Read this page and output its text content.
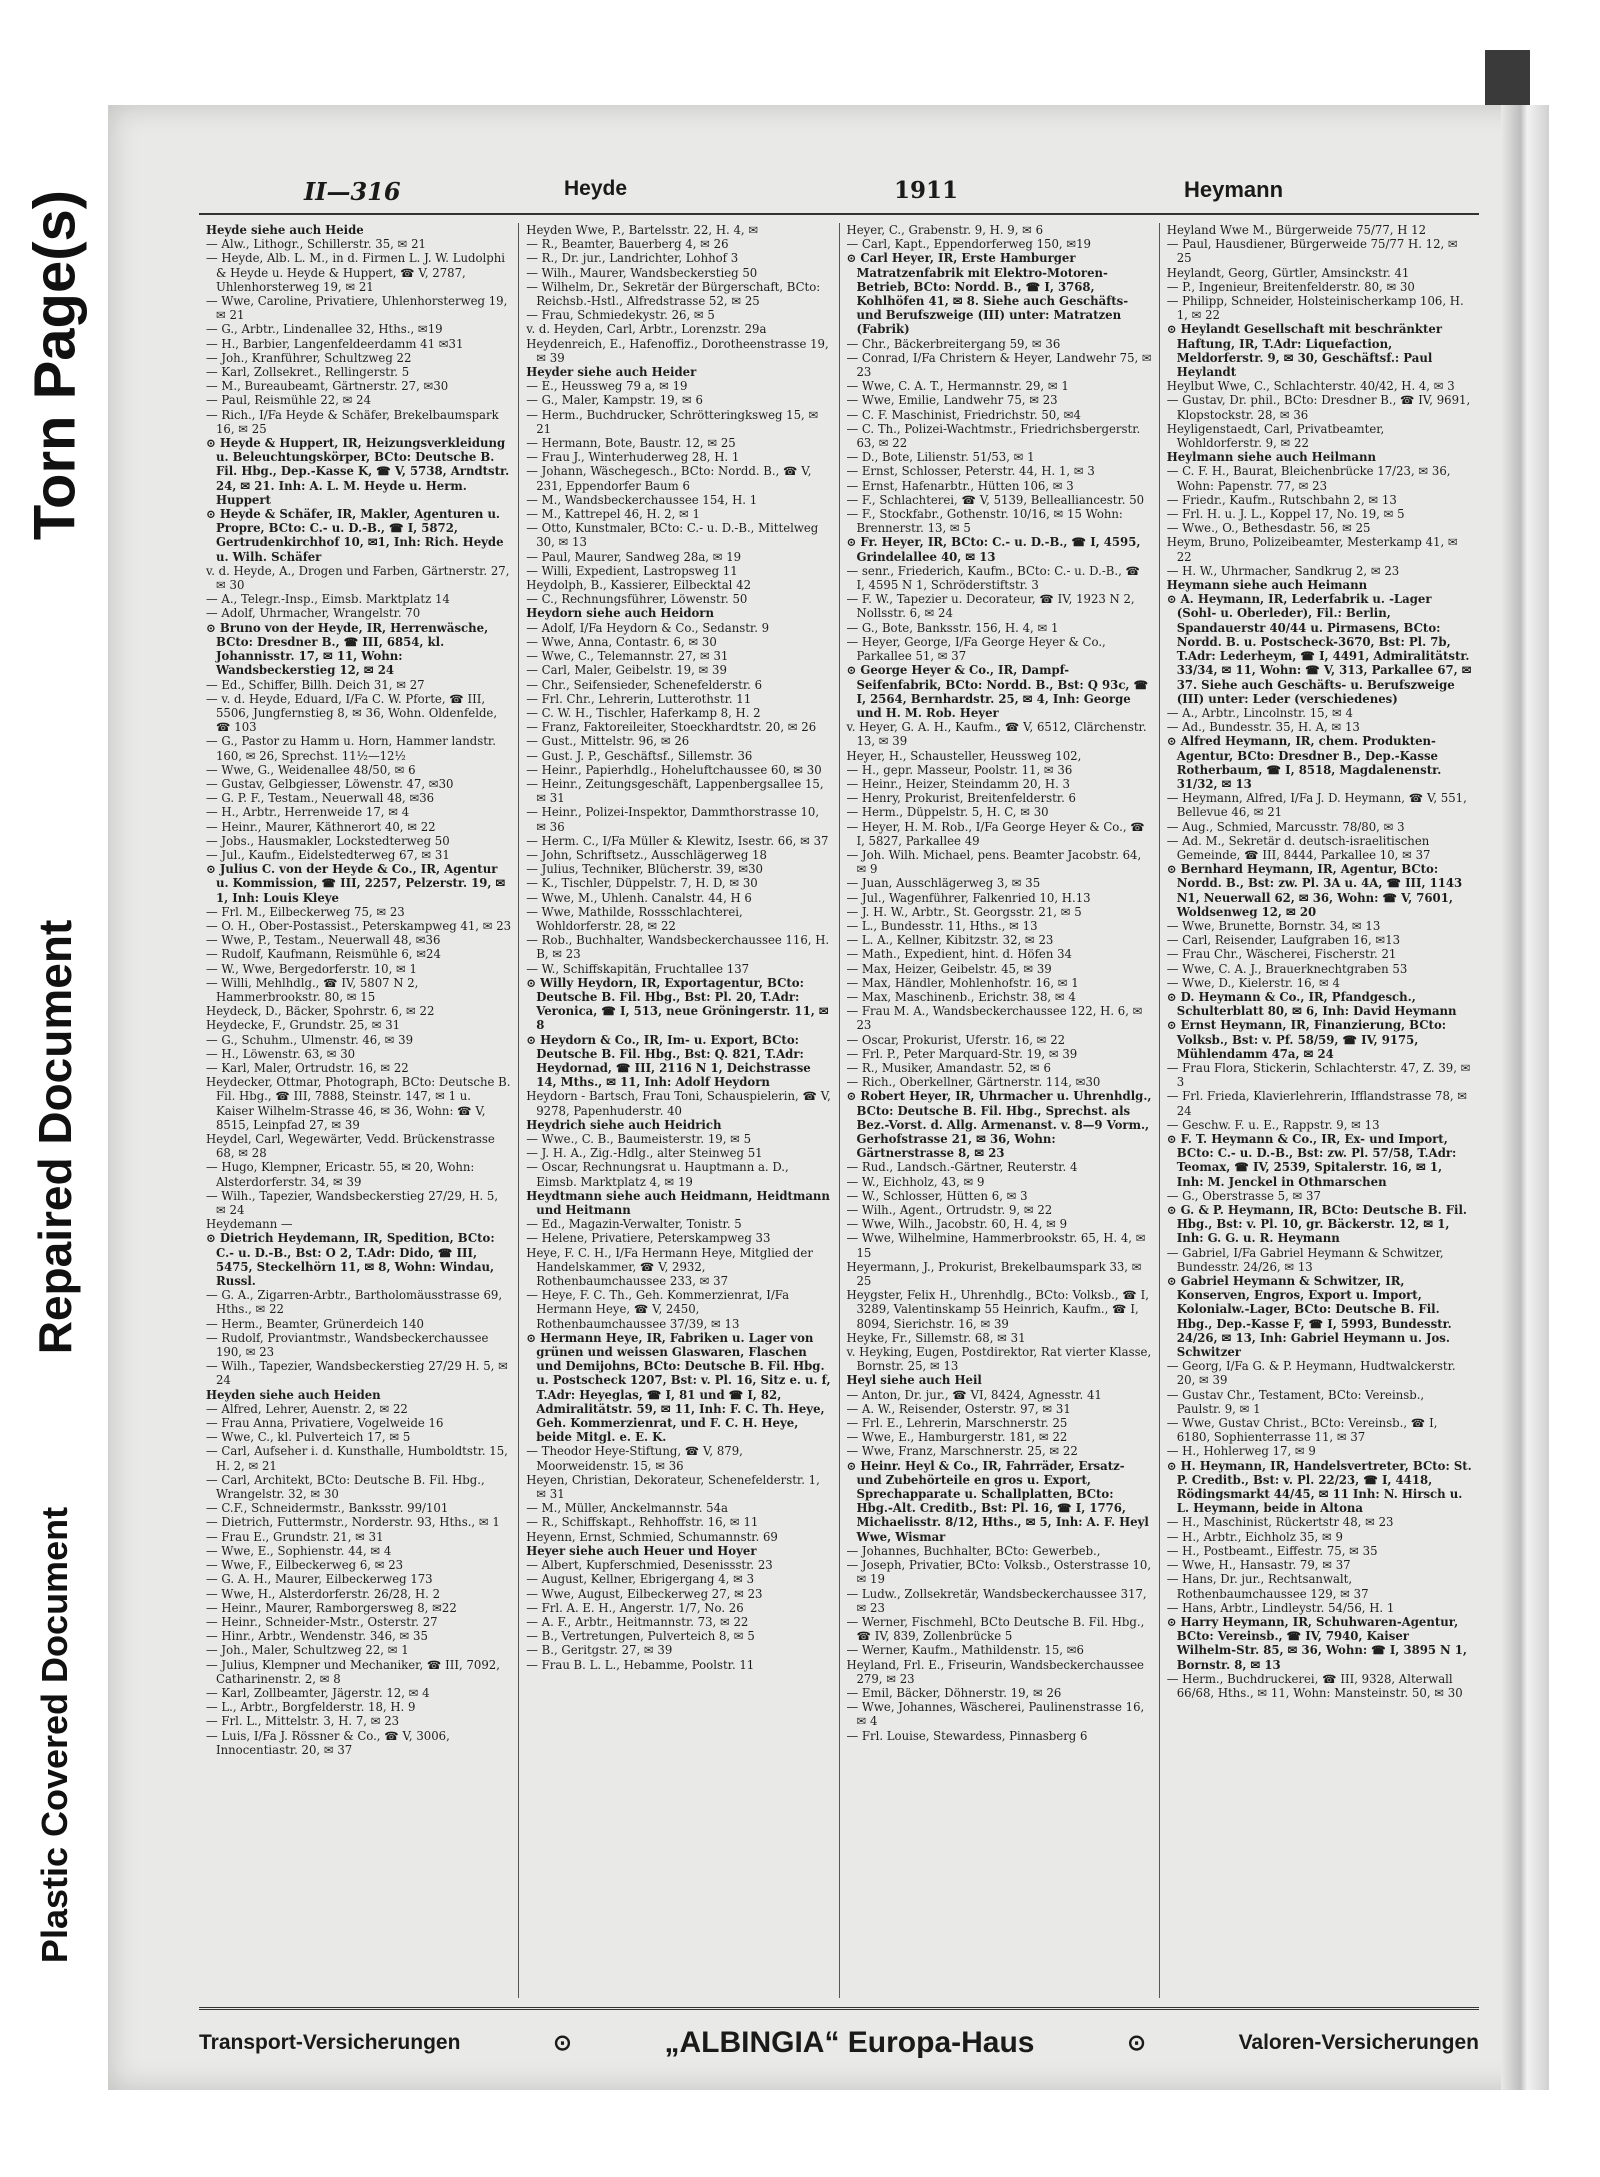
Torn Page(s)
Repaired Document
Plastic Covered Document
II—316	Heyde	1911	Heymann
Heyde siehe auch Heide
— Alw., Lithogr., Schillerstr. 35, ✉ 21
— Heyde, Alb. L. M., in d. Firmen L. J. W. Ludolphi & Heyde u. Heyde & Huppert, ☎ V, 2787, Uhlenhorsterweg 19, ✉ 21
— Wwe, Caroline, Privatiere, Uhlenhorsterweg 19, ✉ 21
— G., Arbtr., Lindenallee 32, Hths., ✉19
— H., Barbier, Langenfeldeerdamm 41 ✉31
— Joh., Kranführer, Schultzweg 22
— Karl, Zollsekret., Rellingerstr. 5
— M., Bureaubeamt, Gärtnerstr. 27, ✉30
— Paul, Reismühle 22, ✉ 24
— Rich., I/Fa Heyde & Schäfer, Brekelbaumspark 16, ✉ 25
⊙ Heyde & Huppert, IR, Heizungsverkleidung u. Beleuchtungskörper, BCto: Deutsche B. Fil. Hbg., Dep.-Kasse K, ☎ V, 5738, Arndtstr. 24, ✉ 21. Inh: A. L. M. Heyde u. Herm. Huppert
⊙ Heyde & Schäfer, IR, Makler, Agenturen u. Propre, BCto: C.- u. D.-B., ☎ I, 5872, Gertrudenkirchhof 10, ✉1, Inh: Rich. Heyde u. Wilh. Schäfer
v. d. Heyde, A., Drogen und Farben, Gärtnerstr. 27, ✉ 30
— A., Telegr.-Insp., Eimsb. Marktplatz 14
— Adolf, Uhrmacher, Wrangelstr. 70
⊙ Bruno von der Heyde, IR, Herrenwäsche, BCto: Dresdner B., ☎ III, 6854, kl. Johannisstr. 17, ✉ 11, Wohn: Wandsbeckerstieg 12, ✉ 24
— Ed., Schiffer, Billh. Deich 31, ✉ 27
— v. d. Heyde, Eduard, I/Fa C. W. Pforte, ☎ III, 5506, Jungfernstieg 8, ✉ 36, Wohn. Oldenfelde, ☎ 103
— G., Pastor zu Hamm u. Horn, Hammer landstr. 160, ✉ 26, Sprechst. 11½—12½
— Wwe, G., Weidenallee 48/50, ✉ 6
— Gustav, Gelbgiesser, Löwenstr. 47, ✉30
— G. P. F., Testam., Neuerwall 48, ✉36
— H., Arbtr., Herrenweide 17, ✉ 4
— Heinr., Maurer, Käthnerort 40, ✉ 22
— Jobs., Hausmakler, Lockstedterweg 50
— Jul., Kaufm., Eidelstedterweg 67, ✉ 31
⊙ Julius C. von der Heyde & Co., IR, Agentur u. Kommission, ☎ III, 2257, Pelzerstr. 19, ✉ 1, Inh: Louis Kleye
— Frl. M., Eilbeckerweg 75, ✉ 23
— O. H., Ober-Postassist., Peterskampweg 41, ✉ 23
— Wwe, P., Testam., Neuerwall 48, ✉36
— Rudolf, Kaufmann, Reismühle 6, ✉24
— W., Wwe, Bergedorferstr. 10, ✉ 1
— Willi, Mehlhdlg., ☎ IV, 5807 N 2, Hammerbrookstr. 80, ✉ 15
Heydeck, D., Bäcker, Spohrstr. 6, ✉ 22
Heydecke, F., Grundstr. 25, ✉ 31
— G., Schuhm., Ulmenstr. 46, ✉ 39
— H., Löwenstr. 63, ✉ 30
— Karl, Maler, Ortrudstr. 16, ✉ 22
Heydecker, Ottmar, Photograph, BCto: Deutsche B. Fil. Hbg., ☎ III, 7888, Steinstr. 147, ✉ 1 u. Kaiser Wilhelm-Strasse 46, ✉ 36, Wohn: ☎ V, 8515, Leinpfad 27, ✉ 39
Heydel, Carl, Wegewärter, Vedd. Brückenstrasse 68, ✉ 28
— Hugo, Klempner, Ericastr. 55, ✉ 20, Wohn: Alsterdorferstr. 34, ✉ 39
— Wilh., Tapezier, Wandsbeckerstieg 27/29, H. 5, ✉ 24
Heydemann —
⊙ Dietrich Heydemann, IR, Spedition, BCto: C.- u. D.-B., Bst: O 2, T.Adr: Dido, ☎ III, 5475, Steckelhörn 11, ✉ 8, Wohn: Windau, Russl.
— G. A., Zigarren-Arbtr., Bartholomäusstrasse 69, Hths., ✉ 22
— Herm., Beamter, Grünerdeich 140
— Rudolf, Proviantmstr., Wandsbeckerchaussee 190, ✉ 23
— Wilh., Tapezier, Wandsbeckerstieg 27/29 H. 5, ✉ 24
Heyden siehe auch Heiden
— Alfred, Lehrer, Auenstr. 2, ✉ 22
— Frau Anna, Privatiere, Vogelweide 16
— Wwe, C., kl. Pulverteich 17, ✉ 5
— Carl, Aufseher i. d. Kunsthalle, Humboldtstr. 15, H. 2, ✉ 21
— Carl, Architekt, BCto: Deutsche B. Fil. Hbg., Wrangelstr. 32, ✉ 30
— C.F., Schneidermstr., Banksstr. 99/101
— Dietrich, Futtermstr., Norderstr. 93, Hths., ✉ 1
— Frau E., Grundstr. 21, ✉ 31
— Wwe, E., Sophienstr. 44, ✉ 4
— Wwe, F., Eilbeckerweg 6, ✉ 23
— G. A. H., Maurer, Eilbeckerweg 173
— Wwe, H., Alsterdorferstr. 26/28, H. 2
— Heinr., Maurer, Ramborgersweg 8, ✉22
— Heinr., Schneider-Mstr., Osterstr. 27
— Hinr., Arbtr., Wendenstr. 346, ✉ 35
— Joh., Maler, Schultzweg 22, ✉ 1
— Julius, Klempner und Mechaniker, ☎ III, 7092, Catharinenstr. 2, ✉ 8
— Karl, Zollbeamter, Jägerstr. 12, ✉ 4
— L., Arbtr., Borgfelderstr. 18, H. 9
— Frl. L., Mittelstr. 3, H. 7, ✉ 23
— Luis, I/Fa J. Rössner & Co., ☎ V, 3006, Innocentiastr. 20, ✉ 37
Heyden Wwe, P., Bartelsstr. 22, H. 4, ✉
— R., Beamter, Bauerberg 4, ✉ 26
— R., Dr. jur., Landrichter, Lohhof 3
— Wilh., Maurer, Wandsbeckerstieg 50
— Wilhelm, Dr., Sekretär der Bürgerschaft, BCto: Reichsb.-Hstl., Alfredstrasse 52, ✉ 25
— Frau, Schmiedekystr. 26, ✉ 5
v. d. Heyden, Carl, Arbtr., Lorenzstr. 29a
Heydenreich, E., Hafenoffiz., Dorotheenstrasse 19, ✉ 39
Heyder siehe auch Heider
— E., Heussweg 79 a, ✉ 19
— G., Maler, Kampstr. 19, ✉ 6
— Herm., Buchdrucker, Schrötteringksweg 15, ✉ 21
— Hermann, Bote, Baustr. 12, ✉ 25
— Frau J., Winterhuderweg 28, H. 1
— Johann, Wäschegesch., BCto: Nordd. B., ☎ V, 231, Eppendorfer Baum 6
— M., Wandsbeckerchaussee 154, H. 1
— M., Kattrepel 46, H. 2, ✉ 1
— Otto, Kunstmaler, BCto: C.- u. D.-B., Mittelweg 30, ✉ 13
— Paul, Maurer, Sandweg 28a, ✉ 19
— Willi, Expedient, Lastropsweg 11
Heydolph, B., Kassierer, Eilbecktal 42
— C., Rechnungsführer, Löwenstr. 50
Heydorn siehe auch Heidorn
— Adolf, I/Fa Heydorn & Co., Sedanstr. 9
— Wwe, Anna, Contastr. 6, ✉ 30
— Wwe, C., Telemannstr. 27, ✉ 31
— Carl, Maler, Geibelstr. 19, ✉ 39
— Chr., Seifensieder, Schenefelderstr. 6
— Frl. Chr., Lehrerin, Lutterothstr. 11
— C. W. H., Tischler, Haferkamp 8, H. 2
— Franz, Faktoreileiter, Stoeckhardtstr. 20, ✉ 26
— Gust., Mittelstr. 96, ✉ 26
— Gust. J. P., Geschäftsf., Sillemstr. 36
— Heinr., Papierhdlg., Hoheluftchaussee 60, ✉ 30
— Heinr., Zeitungsgeschäft, Lappenbergsallee 15, ✉ 31
— Heinr., Polizei-Inspektor, Dammthorstrasse 10, ✉ 36
— Herm. C., I/Fa Müller & Klewitz, Isestr. 66, ✉ 37
— John, Schriftsetz., Ausschlägerweg 18
— Julius, Techniker, Blücherstr. 39, ✉30
— K., Tischler, Düppelstr. 7, H. D, ✉ 30
— Wwe, M., Uhlenh. Canalstr. 44, H 6
— Wwe, Mathilde, Rossschlachterei, Wohldorferstr. 28, ✉ 22
— Rob., Buchhalter, Wandsbeckerchaussee 116, H. B, ✉ 23
— W., Schiffskapitän, Fruchtallee 137
⊙ Willy Heydorn, IR, Exportagentur, BCto: Deutsche B. Fil. Hbg., Bst: Pl. 20, T.Adr: Veronica, ☎ I, 513, neue Gröningerstr. 11, ✉ 8
⊙ Heydorn & Co., IR, Im- u. Export, BCto: Deutsche B. Fil. Hbg., Bst: Q. 821, T.Adr: Heydornad, ☎ III, 2116 N 1, Deichstrasse 14, Mths., ✉ 11, Inh: Adolf Heydorn
Heydorn - Bartsch, Frau Toni, Schauspielerin, ☎ V, 9278, Papenhuderstr. 40
Heydrich siehe auch Heidrich
— Wwe., C. B., Baumeisterstr. 19, ✉ 5
— J. H. A., Zig.-Hdlg., alter Steinweg 51
— Oscar, Rechnungsrat u. Hauptmann a. D., Eimsb. Marktplatz 4, ✉ 19
Heydtmann siehe auch Heidmann, Heidtmann und Heitmann
— Ed., Magazin-Verwalter, Tonistr. 5
— Helene, Privatiere, Peterskampweg 33
Heye, F. C. H., I/Fa Hermann Heye, Mitglied der Handelskammer, ☎ V, 2932, Rothenbaumchaussee 233, ✉ 37
— Heye, F. C. Th., Geh. Kommerzienrat, I/Fa Hermann Heye, ☎ V, 2450, Rothenbaumchaussee 37/39, ✉ 13
⊙ Hermann Heye, IR, Fabriken u. Lager von grünen und weissen Glaswaren, Flaschen und Demijohns, BCto: Deutsche B. Fil. Hbg. u. Postscheck 1207, Bst: v. Pl. 16, Sitz e. u. f, T.Adr: Heyeglas, ☎ I, 81 und ☎ I, 82, Admiralitätstr. 59, ✉ 11, Inh: F. C. Th. Heye, Geh. Kommerzienrat, und F. C. H. Heye, beide Mitgl. e. E. K.
— Theodor Heye-Stiftung, ☎ V, 879, Moorweidenstr. 15, ✉ 36
Heyen, Christian, Dekorateur, Schenefelderstr. 1, ✉ 31
— M., Müller, Anckelmannstr. 54a
— R., Schiffskapt., Rehhoffstr. 16, ✉ 11
Heyenn, Ernst, Schmied, Schumannstr. 69
Heyer siehe auch Heuer und Hoyer
— Albert, Kupferschmied, Desenissstr. 23
— August, Kellner, Ebrigergang 4, ✉ 3
— Wwe, August, Eilbeckerweg 27, ✉ 23
— Frl. A. E. H., Angerstr. 1/7, No. 26
— A. F., Arbtr., Heitmannstr. 73, ✉ 22
— B., Vertretungen, Pulverteich 8, ✉ 5
— B., Geritgstr. 27, ✉ 39
— Frau B. L. L., Hebamme, Poolstr. 11
Heyer, C., Grabenstr. 9, H. 9, ✉ 6
— Carl, Kapt., Eppendorferweg 150, ✉19
⊙ Carl Heyer, IR, Erste Hamburger Matratzenfabrik mit Elektro-Motoren-Betrieb, BCto: Nordd. B., ☎ I, 3768, Kohlhöfen 41, ✉ 8. Siehe auch Geschäfts- und Berufszweige (III) unter: Matratzen (Fabrik)
— Chr., Bäckerbreitergang 59, ✉ 36
— Conrad, I/Fa Christern & Heyer, Landwehr 75, ✉ 23
— Wwe, C. A. T., Hermannstr. 29, ✉ 1
— Wwe, Emilie, Landwehr 75, ✉ 23
— C. F. Maschinist, Friedrichstr. 50, ✉4
— C. Th., Polizei-Wachtmstr., Friedrichsbergerstr. 63, ✉ 22
— D., Bote, Lilienstr. 51/53, ✉ 1
— Ernst, Schlosser, Peterstr. 44, H. 1, ✉ 3
— Ernst, Hafenarbtr., Hütten 106, ✉ 3
— F., Schlachterei, ☎ V, 5139, Bellealliancestr. 50
— F., Stockfabr., Gothenstr. 10/16, ✉ 15 Wohn: Brennerstr. 13, ✉ 5
⊙ Fr. Heyer, IR, BCto: C.- u. D.-B., ☎ I, 4595, Grindelallee 40, ✉ 13
— senr., Friederich, Kaufm., BCto: C.- u. D.-B., ☎ I, 4595 N 1, Schröderstiftstr. 3
— F. W., Tapezier u. Decorateur, ☎ IV, 1923 N 2, Nollsstr. 6, ✉ 24
— G., Bote, Banksstr. 156, H. 4, ✉ 1
— Heyer, George, I/Fa George Heyer & Co., Parkallee 51, ✉ 37
⊙ George Heyer & Co., IR, Dampf-Seifenfabrik, BCto: Nordd. B., Bst: Q 93c, ☎ I, 2564, Bernhardstr. 25, ✉ 4, Inh: George und H. M. Rob. Heyer
v. Heyer, G. A. H., Kaufm., ☎ V, 6512, Clärchenstr. 13, ✉ 39
Heyer, H., Schausteller, Heussweg 102,
— H., gepr. Masseur, Poolstr. 11, ✉ 36
— Heinr., Heizer, Steindamm 20, H. 3
— Henry, Prokurist, Breitenfelderstr. 6
— Herm., Düppelstr. 5, H. C, ✉ 30
— Heyer, H. M. Rob., I/Fa George Heyer & Co., ☎ I, 5827, Parkallee 49
— Joh. Wilh. Michael, pens. Beamter Jacobstr. 64, ✉ 9
— Juan, Ausschlägerweg 3, ✉ 35
— Jul., Wagenführer, Falkenried 10, H.13
— J. H. W., Arbtr., St. Georgsstr. 21, ✉ 5
— L., Bundesstr. 11, Hths., ✉ 13
— L. A., Kellner, Kibitzstr. 32, ✉ 23
— Math., Expedient, hint. d. Höfen 34
— Max, Heizer, Geibelstr. 45, ✉ 39
— Max, Händler, Mohlenhofstr. 16, ✉ 1
— Max, Maschinenb., Erichstr. 38, ✉ 4
— Frau M. A., Wandsbeckerchaussee 122, H. 6, ✉ 23
— Oscar, Prokurist, Uferstr. 16, ✉ 22
— Frl. P., Peter Marquard-Str. 19, ✉ 39
— R., Musiker, Amandastr. 52, ✉ 6
— Rich., Oberkellner, Gärtnerstr. 114, ✉30
⊙ Robert Heyer, IR, Uhrmacher u. Uhrenhdlg., BCto: Deutsche B. Fil. Hbg., Sprechst. als Bez.-Vorst. d. Allg. Armenanst. v. 8—9 Vorm., Gerhofstrasse 21, ✉ 36, Wohn: Gärtnerstrasse 8, ✉ 23
— Rud., Landsch.-Gärtner, Reuterstr. 4
— W., Eichholz, 43, ✉ 9
— W., Schlosser, Hütten 6, ✉ 3
— Wilh., Agent., Ortrudstr. 9, ✉ 22
— Wwe, Wilh., Jacobstr. 60, H. 4, ✉ 9
— Wwe, Wilhelmine, Hammerbrookstr. 65, H. 4, ✉ 15
Heyermann, J., Prokurist, Brekelbaumspark 33, ✉ 25
Heygster, Felix H., Uhrenhdlg., BCto: Volksb., ☎ I, 3289, Valentinskamp 55 Heinrich, Kaufm., ☎ I, 8094, Sierichstr. 16, ✉ 39
Heyke, Fr., Sillemstr. 68, ✉ 31
v. Heyking, Eugen, Postdirektor, Rat vierter Klasse, Bornstr. 25, ✉ 13
Heyl siehe auch Heil
— Anton, Dr. jur., ☎ VI, 8424, Agnesstr. 41
— A. W., Reisender, Osterstr. 97, ✉ 31
— Frl. E., Lehrerin, Marschnerstr. 25
— Wwe, E., Hamburgerstr. 181, ✉ 22
— Wwe, Franz, Marschnerstr. 25, ✉ 22
⊙ Heinr. Heyl & Co., IR, Fahrräder, Ersatz- und Zubehörteile en gros u. Export, Sprechapparate u. Schallplatten, BCto: Hbg.-Alt. Creditb., Bst: Pl. 16, ☎ I, 1776, Michaelisstr. 8/12, Hths., ✉ 5, Inh: A. F. Heyl Wwe, Wismar
— Johannes, Buchhalter, BCto: Gewerbeb.,
— Joseph, Privatier, BCto: Volksb., Osterstrasse 10, ✉ 19
— Ludw., Zollsekretär, Wandsbeckerchaussee 317, ✉ 23
— Werner, Fischmehl, BCto Deutsche B. Fil. Hbg., ☎ IV, 839, Zollenbrücke 5
— Werner, Kaufm., Mathildenstr. 15, ✉6
Heyland, Frl. E., Friseurin, Wandsbeckerchaussee 279, ✉ 23
— Emil, Bäcker, Döhnerstr. 19, ✉ 26
— Wwe, Johannes, Wäscherei, Paulinenstrasse 16, ✉ 4
— Frl. Louise, Stewardess, Pinnasberg 6
Heyland Wwe M., Bürgerweide 75/77, H 12
— Paul, Hausdiener, Bürgerweide 75/77 H. 12, ✉ 25
Heylandt, Georg, Gürtler, Amsinckstr. 41
— P., Ingenieur, Breitenfelderstr. 80, ✉ 30
— Philipp, Schneider, Holsteinischerkamp 106, H. 1, ✉ 22
⊙ Heylandt Gesellschaft mit beschränkter Haftung, IR, T.Adr: Liquefaction, Meldorferstr. 9, ✉ 30, Geschäftsf.: Paul Heylandt
Heylbut Wwe, C., Schlachterstr. 40/42, H. 4, ✉ 3
— Gustav, Dr. phil., BCto: Dresdner B., ☎ IV, 9691, Klopstockstr. 28, ✉ 36
Heyligenstaedt, Carl, Privatbeamter, Wohldorferstr. 9, ✉ 22
Heylmann siehe auch Heilmann
— C. F. H., Baurat, Bleichenbrücke 17/23, ✉ 36, Wohn: Papenstr. 77, ✉ 23
— Friedr., Kaufm., Rutschbahn 2, ✉ 13
— Frl. H. u. J. L., Koppel 17, No. 19, ✉ 5
— Wwe., O., Bethesdastr. 56, ✉ 25
Heym, Bruno, Polizeibeamter, Mesterkamp 41, ✉ 22
— H. W., Uhrmacher, Sandkrug 2, ✉ 23
Heymann siehe auch Heimann
⊙ A. Heymann, IR, Lederfabrik u. -Lager (Sohl- u. Oberleder), Fil.: Berlin, Spandauerstr 40/44 u. Pirmasens, BCto: Nordd. B. u. Postscheck-3670, Bst: Pl. 7b, T.Adr: Lederheym, ☎ I, 4491, Admiralitätstr. 33/34, ✉ 11, Wohn: ☎ V, 313, Parkallee 67, ✉ 37. Siehe auch Geschäfts- u. Berufszweige (III) unter: Leder (verschiedenes)
— A., Arbtr., Lincolnstr. 15, ✉ 4
— Ad., Bundesstr. 35, H. A, ✉ 13
⊙ Alfred Heymann, IR, chem. Produkten-Agentur, BCto: Dresdner B., Dep.-Kasse Rotherbaum, ☎ I, 8518, Magdalenenstr. 31/32, ✉ 13
— Heymann, Alfred, I/Fa J. D. Heymann, ☎ V, 551, Bellevue 46, ✉ 21
— Aug., Schmied, Marcusstr. 78/80, ✉ 3
— Ad. M., Sekretär d. deutsch-israelitischen Gemeinde, ☎ III, 8444, Parkallee 10, ✉ 37
⊙ Bernhard Heymann, IR, Agentur, BCto: Nordd. B., Bst: zw. Pl. 3A u. 4A, ☎ III, 1143 N1, Neuerwall 62, ✉ 36, Wohn: ☎ V, 7601, Woldsenweg 12, ✉ 20
— Wwe, Brunette, Bornstr. 34, ✉ 13
— Carl, Reisender, Laufgraben 16, ✉13
— Frau Chr., Wäscherei, Fischerstr. 21
— Wwe, C. A. J., Brauerknechtgraben 53
— Wwe, D., Kielerstr. 16, ✉ 4
⊙ D. Heymann & Co., IR, Pfandgesch., Schulterblatt 80, ✉ 6, Inh: David Heymann
⊙ Ernst Heymann, IR, Finanzierung, BCto: Volksb., Bst: v. Pf. 58/59, ☎ IV, 9175, Mühlendamm 47a, ✉ 24
— Frau Flora, Stickerin, Schlachterstr. 47, Z. 39, ✉ 3
— Frl. Frieda, Klavierlehrerin, Ifflandstrasse 78, ✉ 24
— Geschw. F. u. E., Rappstr. 9, ✉ 13
⊙ F. T. Heymann & Co., IR, Ex- und Import, BCto: C.- u. D.-B., Bst: zw. Pl. 57/58, T.Adr: Teomax, ☎ IV, 2539, Spitalerstr. 16, ✉ 1, Inh: M. Jenckel in Othmarschen
— G., Oberstrasse 5, ✉ 37
⊙ G. & P. Heymann, IR, BCto: Deutsche B. Fil. Hbg., Bst: v. Pl. 10, gr. Bäckerstr. 12, ✉ 1, Inh: G. G. u. R. Heymann
— Gabriel, I/Fa Gabriel Heymann & Schwitzer, Bundesstr. 24/26, ✉ 13
⊙ Gabriel Heymann & Schwitzer, IR, Konserven, Engros, Export u. Import, Kolonialw.-Lager, BCto: Deutsche B. Fil. Hbg., Dep.-Kasse F, ☎ I, 5993, Bundesstr. 24/26, ✉ 13, Inh: Gabriel Heymann u. Jos. Schwitzer
— Georg, I/Fa G. & P. Heymann, Hudtwalckerstr. 20, ✉ 39
— Gustav Chr., Testament, BCto: Vereinsb., Paulstr. 9, ✉ 1
— Wwe, Gustav Christ., BCto: Vereinsb., ☎ I, 6180, Sophienterrasse 11, ✉ 37
— H., Hohlerweg 17, ✉ 9
⊙ H. Heymann, IR, Handelsvertreter, BCto: St. P. Creditb., Bst: v. Pl. 22/23, ☎ I, 4418, Rödingsmarkt 44/45, ✉ 11 Inh: N. Hirsch u. L. Heymann, beide in Altona
— H., Maschinist, Rückertstr 48, ✉ 23
— H., Arbtr., Eichholz 35, ✉ 9
— H., Postbeamt., Eiffestr. 75, ✉ 35
— Wwe, H., Hansastr. 79, ✉ 37
— Hans, Dr. jur., Rechtsanwalt, Rothenbaumchaussee 129, ✉ 37
— Hans, Arbtr., Lindleystr. 54/56, H. 1
⊙ Harry Heymann, IR, Schuhwaren-Agentur, BCto: Vereinsb., ☎ IV, 7940, Kaiser Wilhelm-Str. 85, ✉ 36, Wohn: ☎ I, 3895 N 1, Bornstr. 8, ✉ 13
— Herm., Buchdruckerei, ☎ III, 9328, Alterwall 66/68, Hths., ✉ 11, Wohn: Mansteinstr. 50, ✉ 30
Transport-Versicherungen	⊙	„ALBINGIA“ Europa-Haus	⊙	Valoren-Versicherungen
